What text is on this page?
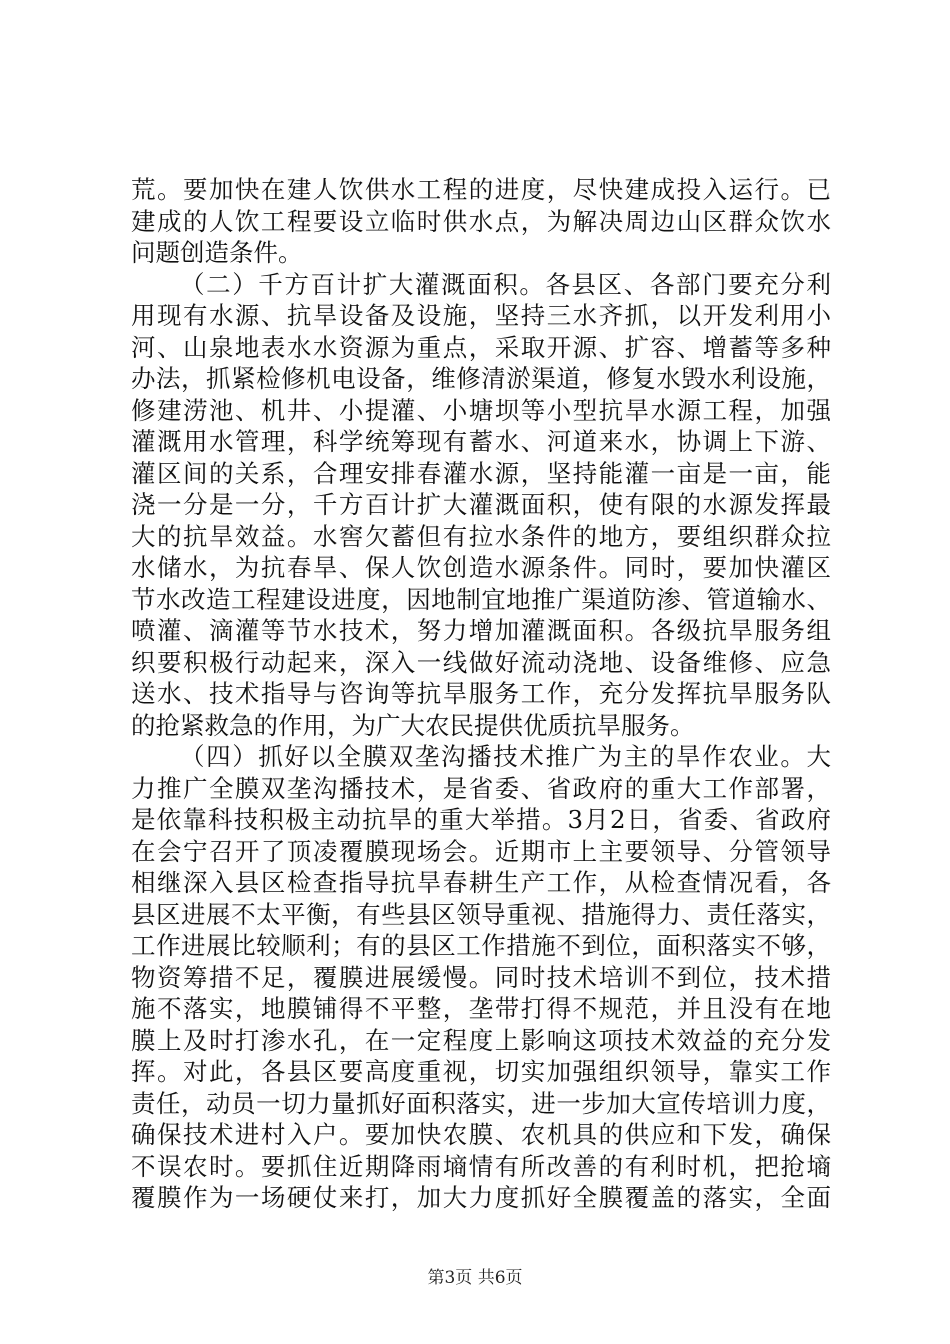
荒。要加快在建人饮供水工程的进度，尽快建成投入运行。已
建成的人饮工程要设立临时供水点，为解决周边山区群众饮水
问题创造条件。
（二）千方百计扩大灌溉面积。各县区、各部门要充分利
用现有水源、抗旱设备及设施，坚持三水齐抓，以开发利用小
河、山泉地表水水资源为重点，采取开源、扩容、增蓄等多种
办法，抓紧检修机电设备，维修清淤渠道，修复水毁水利设施，
修建涝池、机井、小提灌、小塘坝等小型抗旱水源工程，加强
灌溉用水管理，科学统筹现有蓄水、河道来水，协调上下游、
灌区间的关系，合理安排春灌水源，坚持能灌一亩是一亩，能
浇一分是一分，千方百计扩大灌溉面积，使有限的水源发挥最
大的抗旱效益。水窖欠蓄但有拉水条件的地方，要组织群众拉
水储水，为抗春旱、保人饮创造水源条件。同时，要加快灌区
节水改造工程建设进度，因地制宜地推广渠道防渗、管道输水、
喷灌、滴灌等节水技术，努力增加灌溉面积。各级抗旱服务组
织要积极行动起来，深入一线做好流动浇地、设备维修、应急
送水、技术指导与咨询等抗旱服务工作，充分发挥抗旱服务队
的抢紧救急的作用，为广大农民提供优质抗旱服务。
（四）抓好以全膜双垄沟播技术推广为主的旱作农业。大
力推广全膜双垄沟播技术，是省委、省政府的重大工作部署，
是依靠科技积极主动抗旱的重大举措。3月2日，省委、省政府
在会宁召开了顶凌覆膜现场会。近期市上主要领导、分管领导
相继深入县区检查指导抗旱春耕生产工作，从检查情况看，各
县区进展不太平衡，有些县区领导重视、措施得力、责任落实，
工作进展比较顺利；有的县区工作措施不到位，面积落实不够，
物资筹措不足，覆膜进展缓慢。同时技术培训不到位，技术措
施不落实，地膜铺得不平整，垄带打得不规范，并且没有在地
膜上及时打渗水孔，在一定程度上影响这项技术效益的充分发
挥。对此，各县区要高度重视，切实加强组织领导，靠实工作
责任，动员一切力量抓好面积落实，进一步加大宣传培训力度，
确保技术进村入户。要加快农膜、农机具的供应和下发，确保
不误农时。要抓住近期降雨墒情有所改善的有利时机，把抢墒
覆膜作为一场硬仗来打，加大力度抓好全膜覆盖的落实，全面
第3页 共6页
